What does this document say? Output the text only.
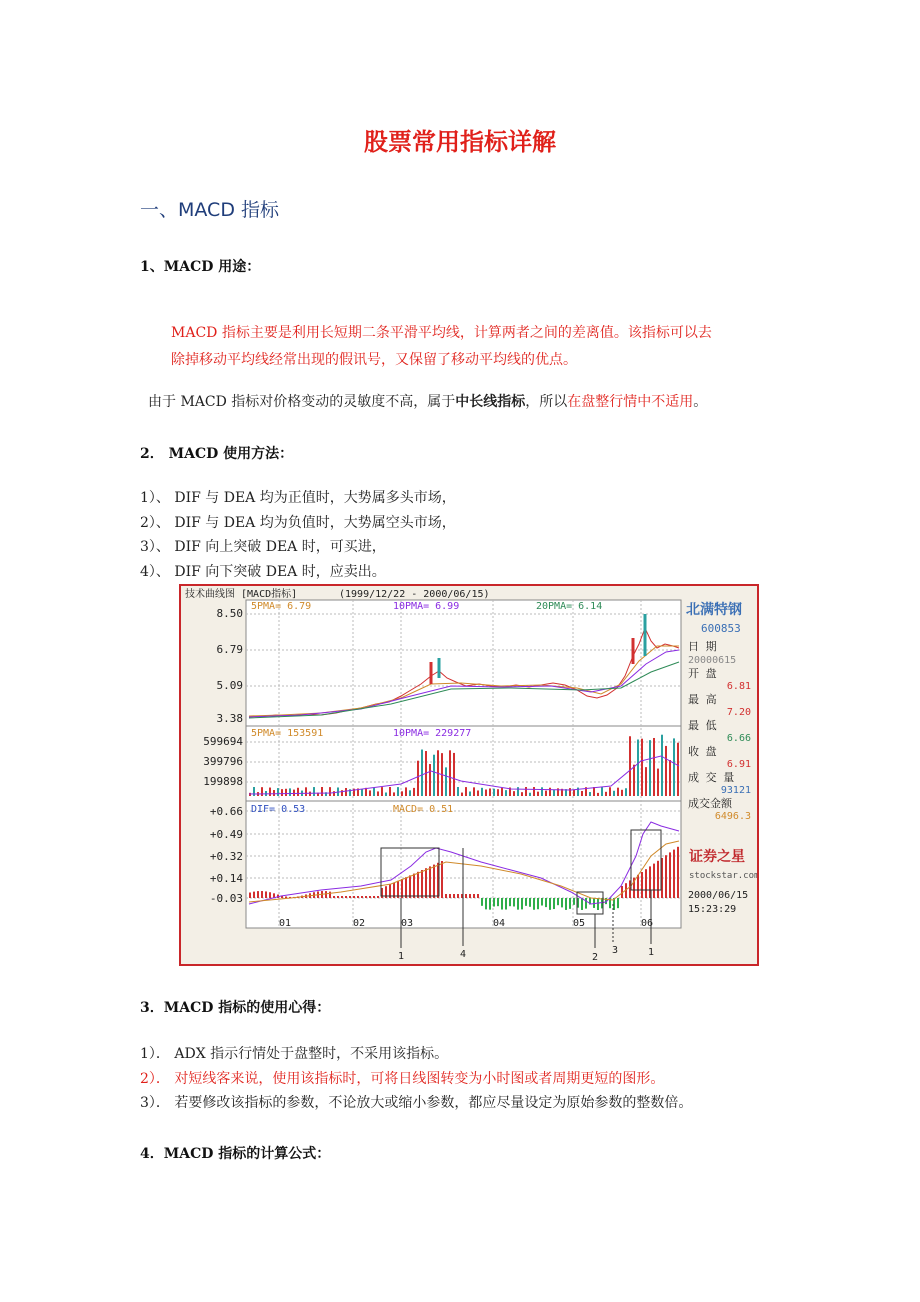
股票常用指标详解
一、MACD 指标
1、MACD 用途：
MACD 指标主要是利用长短期二条平滑平均线，计算两者之间的差离值。该指标可以去
除掉移动平均线经常出现的假讯号，又保留了移动平均线的优点。
由于 MACD 指标对价格变动的灵敏度不高，属于中长线指标，所以在盘整行情中不适用。
2． MACD 使用方法：
1）、 DIF 与 DEA 均为正值时，大势属多头市场，
2）、 DIF 与 DEA 均为负值时，大势属空头市场，
3）、 DIF 向上突破 DEA 时，可买进，
4）、 DIF 向下突破 DEA 时，应卖出。
技术曲线图 [MACD指标]	(1999/12/22 - 2000/06/15)
8.50
6.79
5.09
3.38
5PMA= 6.79	10PMA= 6.99	20PMA= 6.14
599694
399796
199898
5PMA= 153591	10PMA= 229277
+0.66
+0.49
+0.32
+0.14
-0.03
DIF= 0.53	MACD= 0.51
01	02	03	04	05	06
1	4	2
3	1
北满特钢
600853
日 期
20000615
开 盘
6.81
最 高
7.20
最 低
6.66
收 盘
6.91
成 交 量
93121
成交金额
6496.3
证券之星
stockstar.com
2000/06/15
15:23:29
3．MACD 指标的使用心得：
1）． ADX 指示行情处于盘整时，不采用该指标。
2）． 对短线客来说，使用该指标时，可将日线图转变为小时图或者周期更短的图形。
3）． 若要修改该指标的参数，不论放大或缩小参数，都应尽量设定为原始参数的整数倍。
4．MACD 指标的计算公式：
